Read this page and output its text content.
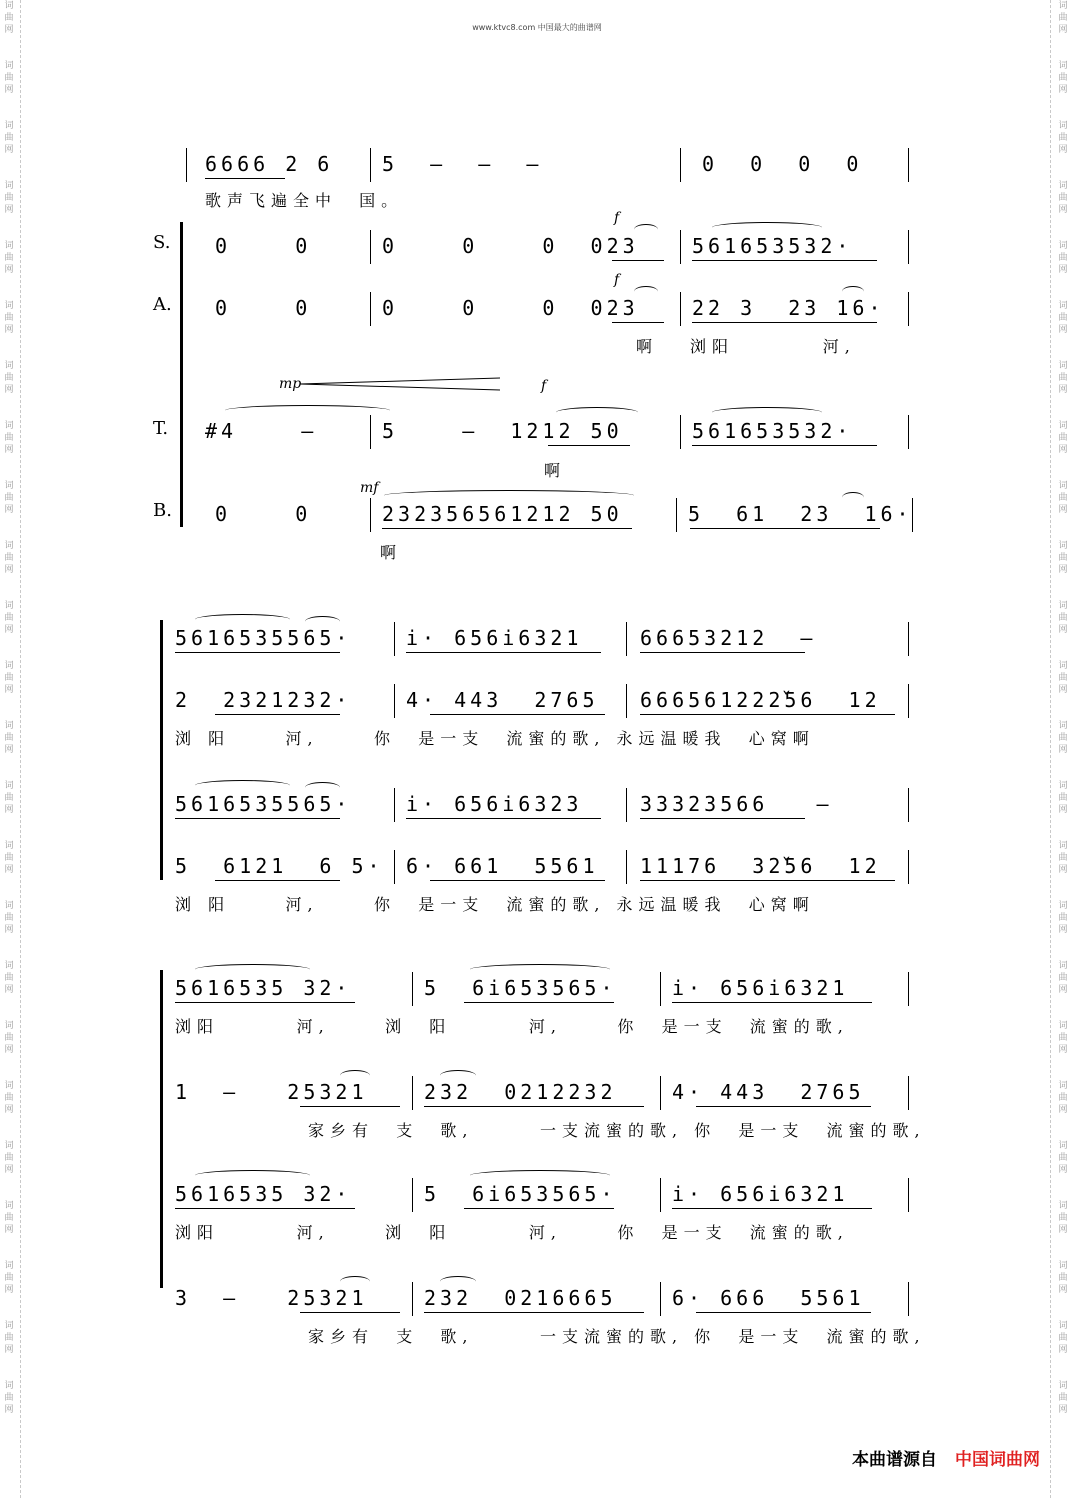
词
曲
网
词
曲
网
词
曲
网
词
曲
网
词
曲
网
词
曲
网
词
曲
网
词
曲
网
词
曲
网
词
曲
网
词
曲
网
词
曲
网
词
曲
网
词
曲
网
词
曲
网
词
曲
网
词
曲
网
词
曲
网
词
曲
网
词
曲
网
词
曲
网
词
曲
网
词
曲
网
词
曲
网
词
曲
网
词
曲
网
词
曲
网
词
曲
网
词
曲
网
词
曲
网
词
曲
网
词
曲
网
词
曲
网
词
曲
网
词
曲
网
词
曲
网
词
曲
网
词
曲
网
词
曲
网
词
曲
网
词
曲
网
词
曲
网
词
曲
网
词
曲
网
词
曲
网
词
曲
网
词
曲
网
词
曲
网
www.ktvc8.com 中国最大的曲谱网
6666 2 6 5  —  —  —	0  0  0  0
歌声飞遍全中  国。
S.
A.
T.
B.
f
0    0	0    0    0  023	561653532·
f
0    0	0    0    0  023	22 3  23 16·
啊 浏阳        河,
mp	f
#4    —	5    —  1212 50	561653532·
啊
mf
0    0	232356561212 50	5  61  23  16·
啊
5616535565·	i· 656i6321	66653212  —
2  2321232·	4· 443  2765 666561222̌56  12
浏 阳     河,     你  是一支  流蜜的歌, 永远温暖我  心窝啊
5616535565·	i· 656i6323	33323566   —
5  6121  6 5· 6· 661  5561 11176  32̌56  12
浏 阳     河,     你  是一支  流蜜的歌, 永远温暖我  心窝啊
5616535 32·	5  6i653565·	i· 656i6321
浏阳       河,     浏  阳       河,     你  是一支  流蜜的歌,
1  —   25321	232  0212232	4· 443  2765
家乡有  支  歌,      一支流蜜的歌, 你  是一支  流蜜的歌,
5616535 32·	5  6i653565·	i· 656i6321
浏阳       河,     浏  阳       河,     你  是一支  流蜜的歌,
3  —   25321	232  0216665	6· 666  5561
家乡有  支  歌,      一支流蜜的歌, 你  是一支  流蜜的歌,
本曲谱源自 中国词曲网
